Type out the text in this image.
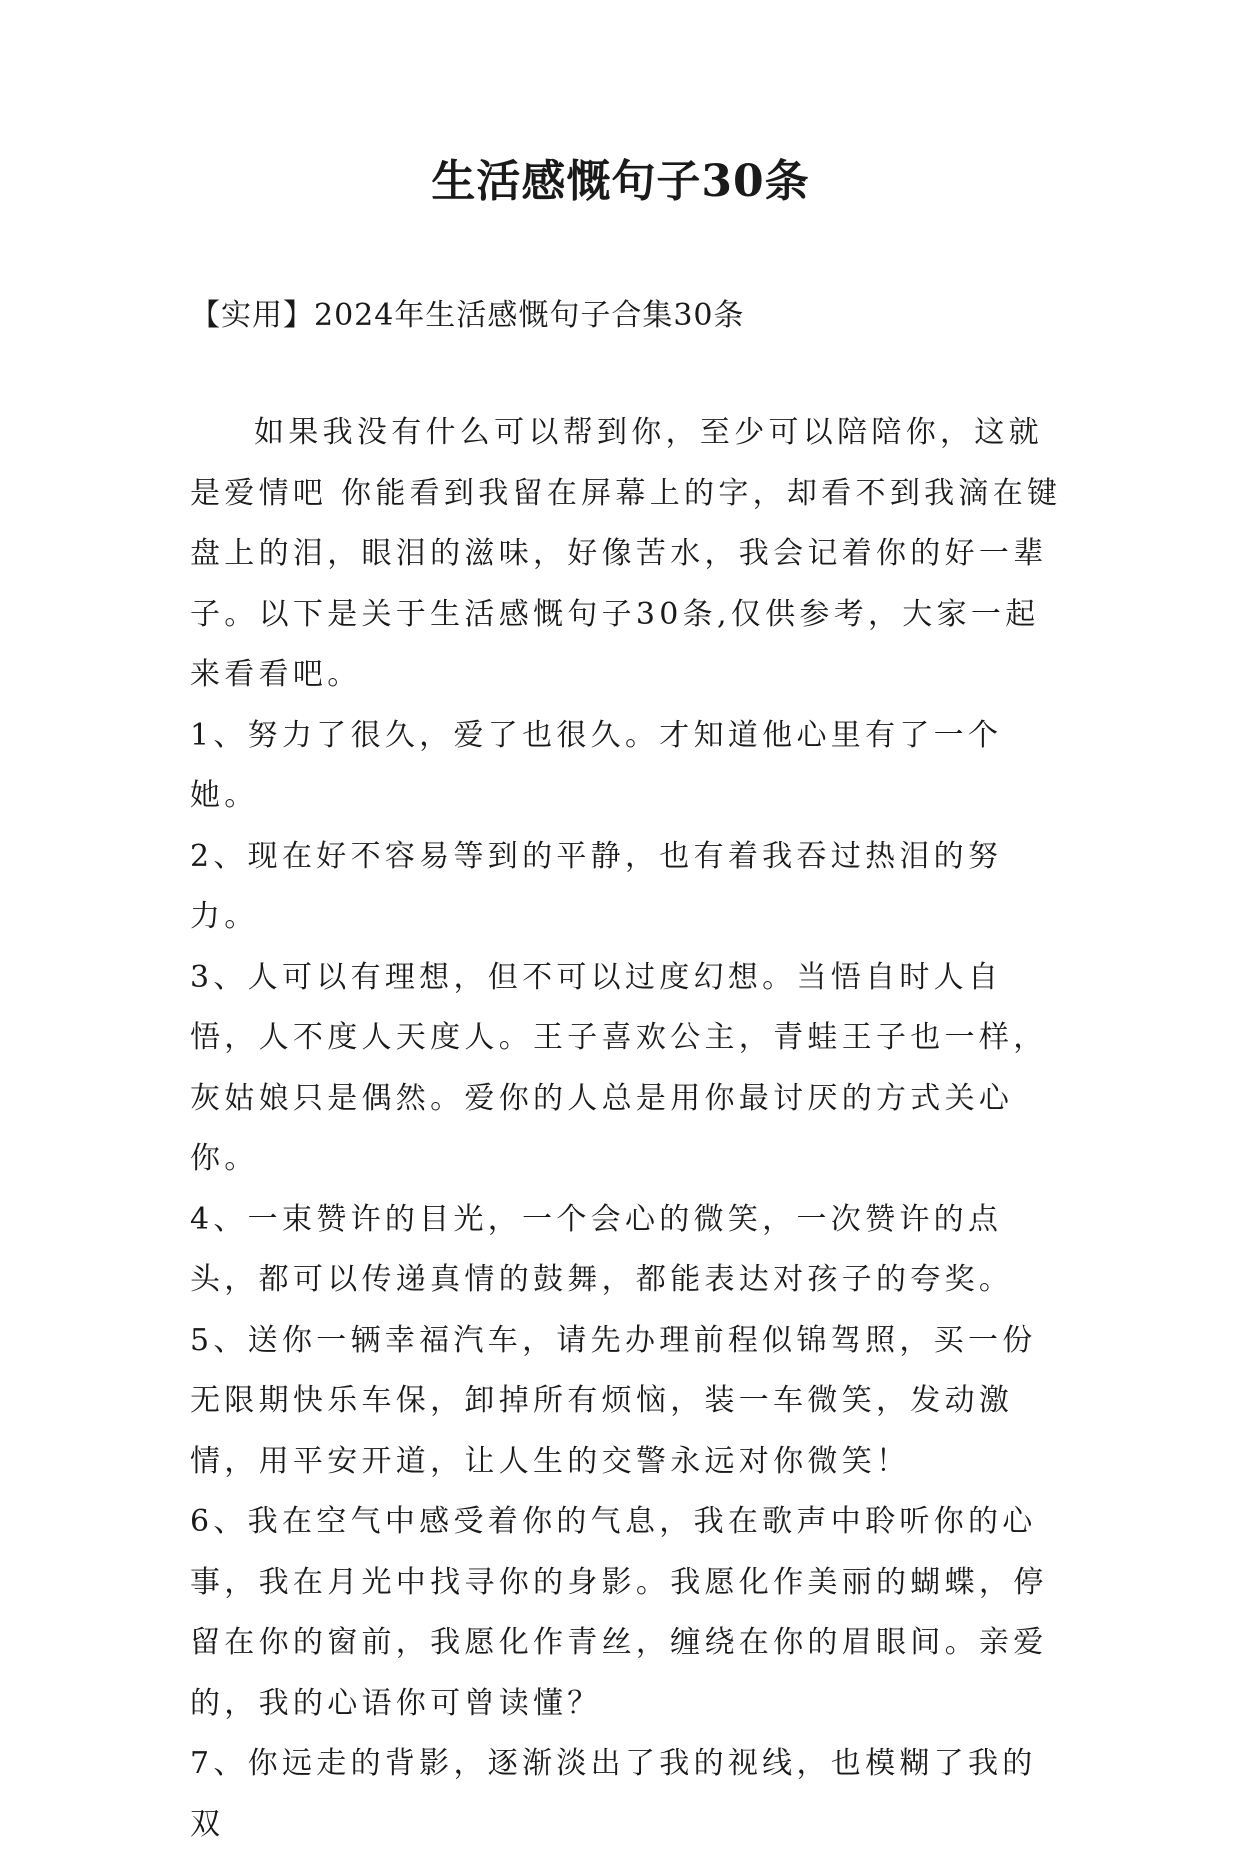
生活感慨句子30条

【实用】2024年生活感慨句子合集30条

如果我没有什么可以帮到你，至少可以陪陪你，这就是爱情吧 你能看到我留在屏幕上的字，却看不到我滴在键盘上的泪，眼泪的滋味，好像苦水，我会记着你的好一辈子。以下是关于生活感慨句子30条,仅供参考，大家一起来看看吧。

1、努力了很久，爱了也很久。才知道他心里有了一个她。

2、现在好不容易等到的平静，也有着我吞过热泪的努力。

3、人可以有理想，但不可以过度幻想。当悟自时人自悟，人不度人天度人。王子喜欢公主，青蛙王子也一样，灰姑娘只是偶然。爱你的人总是用你最讨厌的方式关心你。

4、一束赞许的目光，一个会心的微笑，一次赞许的点头，都可以传递真情的鼓舞，都能表达对孩子的夸奖。

5、送你一辆幸福汽车，请先办理前程似锦驾照，买一份无限期快乐车保，卸掉所有烦恼，装一车微笑，发动激情，用平安开道，让人生的交警永远对你微笑！

6、我在空气中感受着你的气息，我在歌声中聆听你的心事，我在月光中找寻你的身影。我愿化作美丽的蝴蝶，停留在你的窗前，我愿化作青丝，缠绕在你的眉眼间。亲爱的，我的心语你可曾读懂？

7、你远走的背影，逐渐淡出了我的视线，也模糊了我的双
